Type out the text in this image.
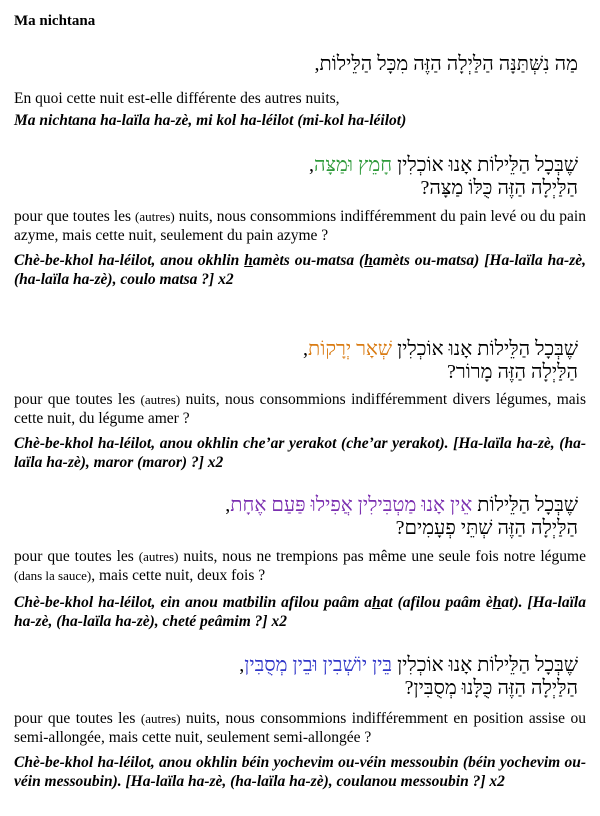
Ma nichtana
מַה נִשְּׁתַּנָּה הַלַּיְלָה הַזֶּה מִכָּל הַלֵּילוֹת,
En quoi cette nuit est-elle différente des autres nuits,
Ma nichtana ha-laïla ha-zè, mi kol ha-léilot (mi-kol ha-léilot)
שֶׁבְּכָל הַלֵּילוֹת אָנוּ אוֹכְלִין חָמֵץ וּמַצָּה,
הַלַּיְלָה הַזֶּה כֻּלּוֹ מַצָּה?
pour que toutes les (autres) nuits, nous consommions indifféremment du pain levé ou du pain azyme, mais cette nuit, seulement du pain azyme ?
Chè-be-khol ha-léilot, anou okhlin hamèts ou-matsa (hamèts ou-matsa) [Ha-laïla ha-zè, (ha-laïla ha-zè), coulo matsa ?] x2
שֶׁבְּכָל הַלֵּילוֹת אָנוּ אוֹכְלִין שְׁאָר יְרָקוֹת,
הַלַּיְלָה הַזֶּה מָרוֹר?
pour que toutes les (autres) nuits, nous consommions indifféremment divers légumes, mais cette nuit, du légume amer ?
Chè-be-khol ha-léilot, anou okhlin che’ar yerakot (che’ar yerakot). [Ha-laïla ha-zè, (ha-laïla ha-zè), maror (maror) ?] x2
שֶׁבְּכָל הַלֵּילוֹת אֵין אָנוּ מַטְבִּילִין אֲפִילוּ פַּעַם אֶחָת,
הַלַּיְלָה הַזֶּה שְׁתֵּי פְעָמִים?
pour que toutes les (autres) nuits, nous ne trempions pas même une seule fois notre légume (dans la sauce), mais cette nuit, deux fois ?
Chè-be-khol ha-léilot, ein anou matbilin afilou paâm ahat (afilou paâm èhat). [Ha-laïla ha-zè, (ha-laïla ha-zè), cheté peâmim ?] x2
שֶׁבְּכָל הַלֵּילוֹת אָנוּ אוֹכְלִין בֵּין יוֹשְׁבִין וּבֵין מְסֻבִּין,
הַלַּיְלָה הַזֶּה כֻּלָּנוּ מְסֻבִּין?
pour que toutes les (autres) nuits, nous consommions indifféremment en position assise ou semi-allongée, mais cette nuit, seulement semi-allongée ?
Chè-be-khol ha-léilot, anou okhlin béin yochevim ou-véin messoubin (béin yochevim ou-véin messoubin). [Ha-laïla ha-zè, (ha-laïla ha-zè), coulanou messoubin ?] x2
